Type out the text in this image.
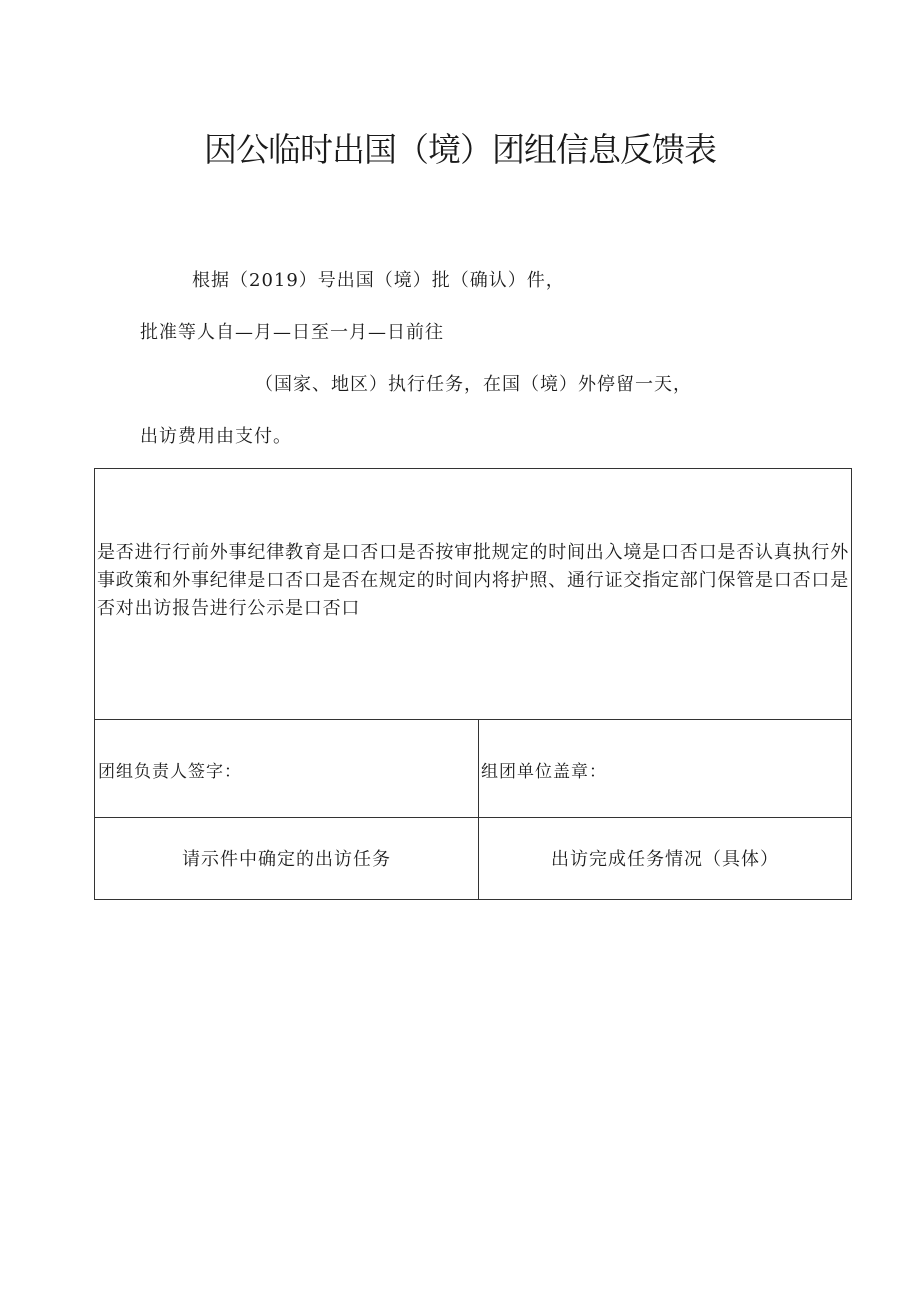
因公临时出国（境）团组信息反馈表

根据（2019）号出国（境）批（确认）件，

批准等人自—月—日至一月—日前往

（国家、地区）执行任务，在国（境）外停留一天，

出访费用由支付。

是否进行行前外事纪律教育是口否口是否按审批规定的时间出入境是口否口是否认真执行外事政策和外事纪律是口否口是否在规定的时间内将护照、通行证交指定部门保管是口否口是否对出访报告进行公示是口否口

团组负责人签字：	组团单位盖章：

请示件中确定的出访任务	出访完成任务情况（具体）
